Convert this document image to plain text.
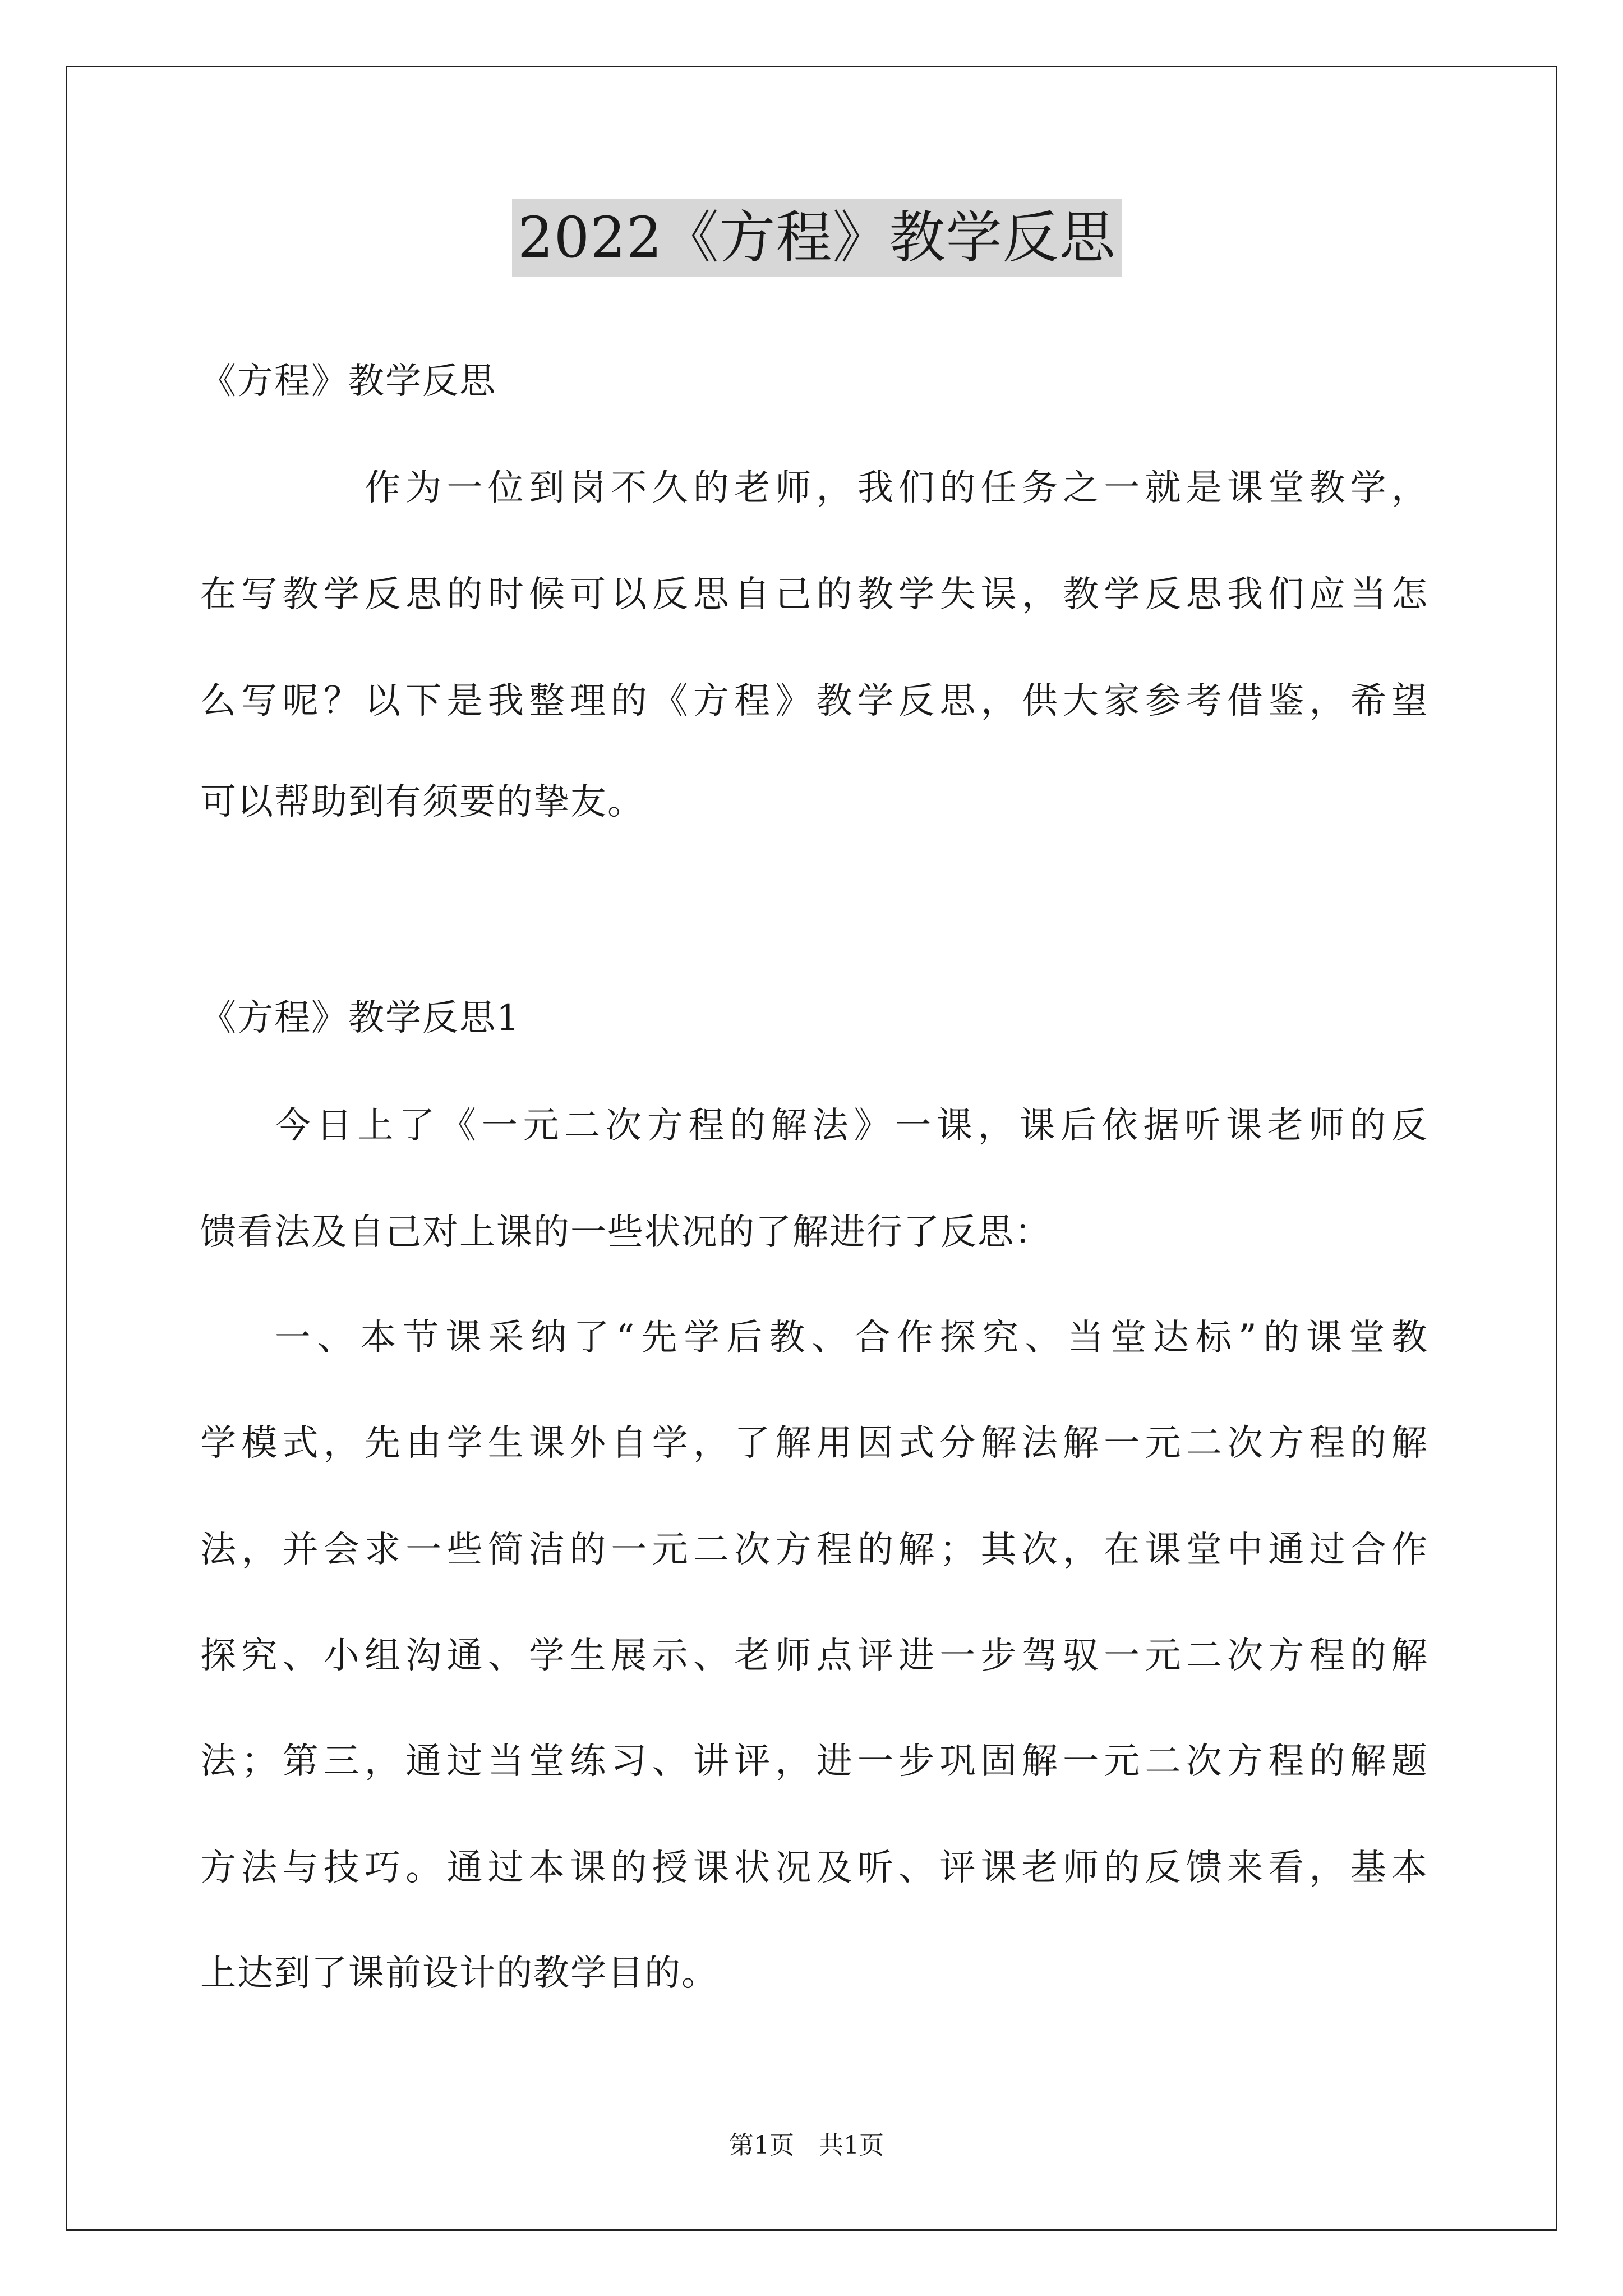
2022《方程》教学反思
《方程》教学反思
作为一位到岗不久的老师，我们的任务之一就是课堂教学，
在写教学反思的时候可以反思自己的教学失误，教学反思我们应当怎
么写呢？以下是我整理的《方程》教学反思，供大家参考借鉴，希望
可以帮助到有须要的挚友。
《方程》教学反思1
今日上了《一元二次方程的解法》一课，课后依据听课老师的反
馈看法及自己对上课的一些状况的了解进行了反思：
一、本节课采纳了“先学后教、合作探究、当堂达标”的课堂教
学模式，先由学生课外自学，了解用因式分解法解一元二次方程的解
法，并会求一些简洁的一元二次方程的解；其次，在课堂中通过合作
探究、小组沟通、学生展示、老师点评进一步驾驭一元二次方程的解
法；第三，通过当堂练习、讲评，进一步巩固解一元二次方程的解题
方法与技巧。通过本课的授课状况及听、评课老师的反馈来看，基本
上达到了课前设计的教学目的。
第1页　共1页
